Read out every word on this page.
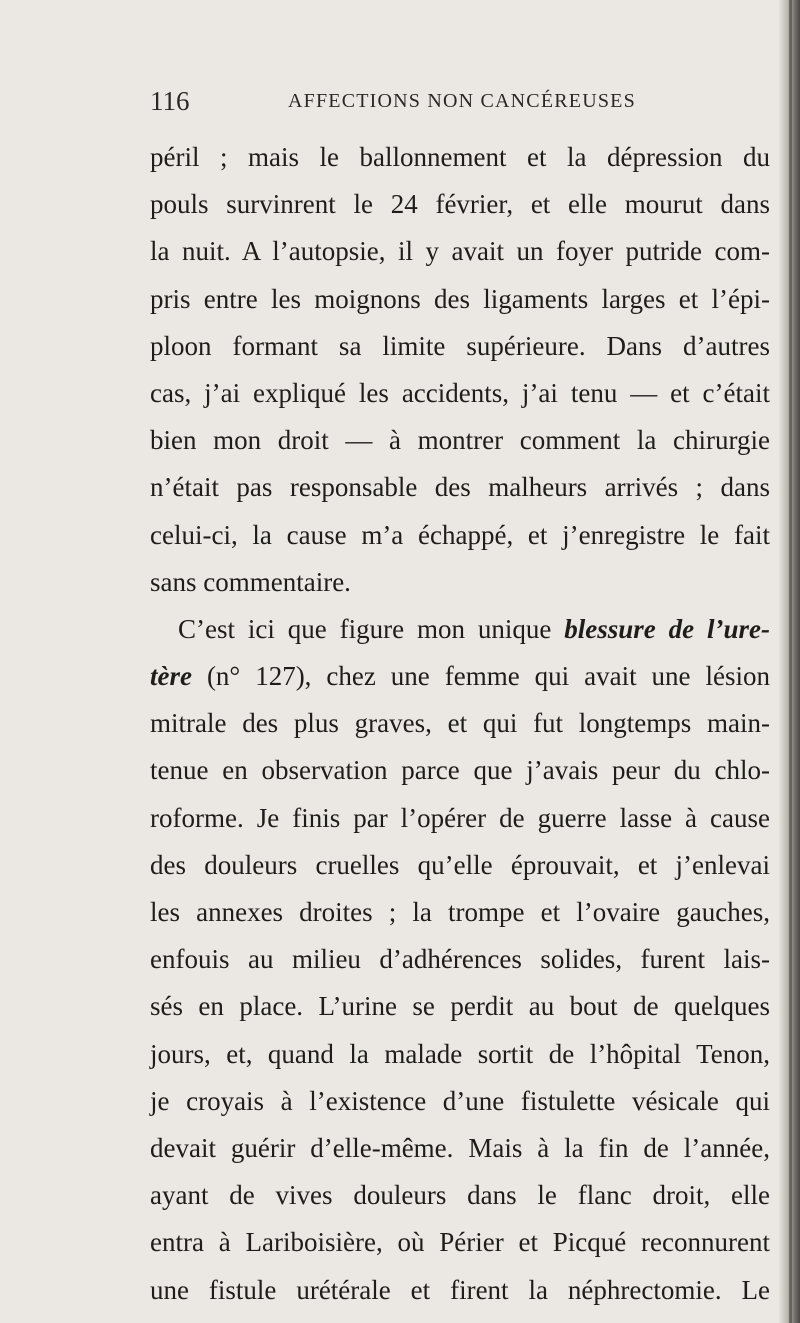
116	AFFECTIONS NON CANCÉREUSES
péril ; mais le ballonnement et la dépression du
pouls survinrent le 24 février, et elle mourut dans
la nuit. A l’autopsie, il y avait un foyer putride com-
pris entre les moignons des ligaments larges et l’épi-
ploon formant sa limite supérieure. Dans d’autres
cas, j’ai expliqué les accidents, j’ai tenu — et c’était
bien mon droit — à montrer comment la chirurgie
n’était pas responsable des malheurs arrivés ; dans
celui-ci, la cause m’a échappé, et j’enregistre le fait
sans commentaire.
C’est ici que figure mon unique blessure de l’ure-
tère (n° 127), chez une femme qui avait une lésion
mitrale des plus graves, et qui fut longtemps main-
tenue en observation parce que j’avais peur du chlo-
roforme. Je finis par l’opérer de guerre lasse à cause
des douleurs cruelles qu’elle éprouvait, et j’enlevai
les annexes droites ; la trompe et l’ovaire gauches,
enfouis au milieu d’adhérences solides, furent lais-
sés en place. L’urine se perdit au bout de quelques
jours, et, quand la malade sortit de l’hôpital Tenon,
je croyais à l’existence d’une fistulette vésicale qui
devait guérir d’elle-même. Mais à la fin de l’année,
ayant de vives douleurs dans le flanc droit, elle
entra à Lariboisière, où Périer et Picqué reconnurent
une fistule urétérale et firent la néphrectomie. Le
